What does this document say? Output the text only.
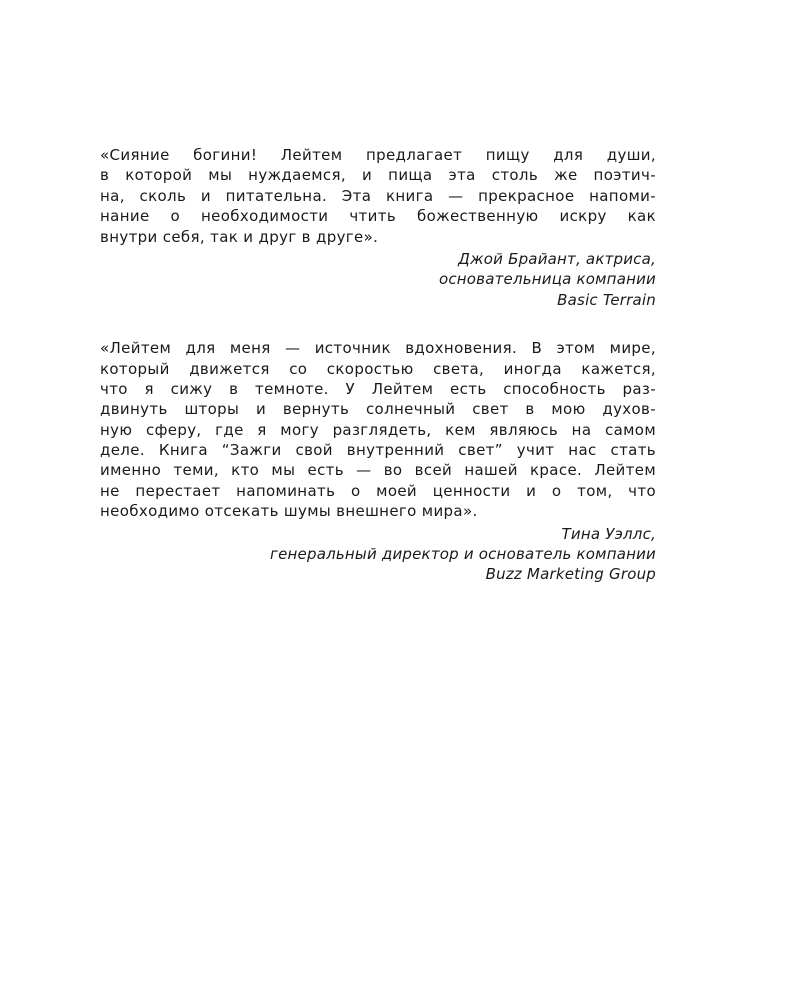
«Сияние богини! Лейтем предлагает пищу для души,
в которой мы нуждаемся, и пища эта столь же поэтич-
на, сколь и питательна. Эта книга — прекрасное напоми-
нание о необходимости чтить божественную искру как
внутри себя, так и друг в друге».
Джой Брайант, актриса,
основательница компании
Basic Terrain
«Лейтем для меня — источник вдохновения. В этом мире,
который движется со скоростью света, иногда кажется,
что я сижу в темноте. У Лейтем есть способность раз-
двинуть шторы и вернуть солнечный свет в мою духов-
ную сферу, где я могу разглядеть, кем являюсь на самом
деле. Книга “Зажги свой внутренний свет” учит нас стать
именно теми, кто мы есть — во всей нашей красе. Лейтем
не перестает напоминать о моей ценности и о том, что
необходимо отсекать шумы внешнего мира».
Тина Уэллс,
генеральный директор и основатель компании
Buzz Marketing Group
